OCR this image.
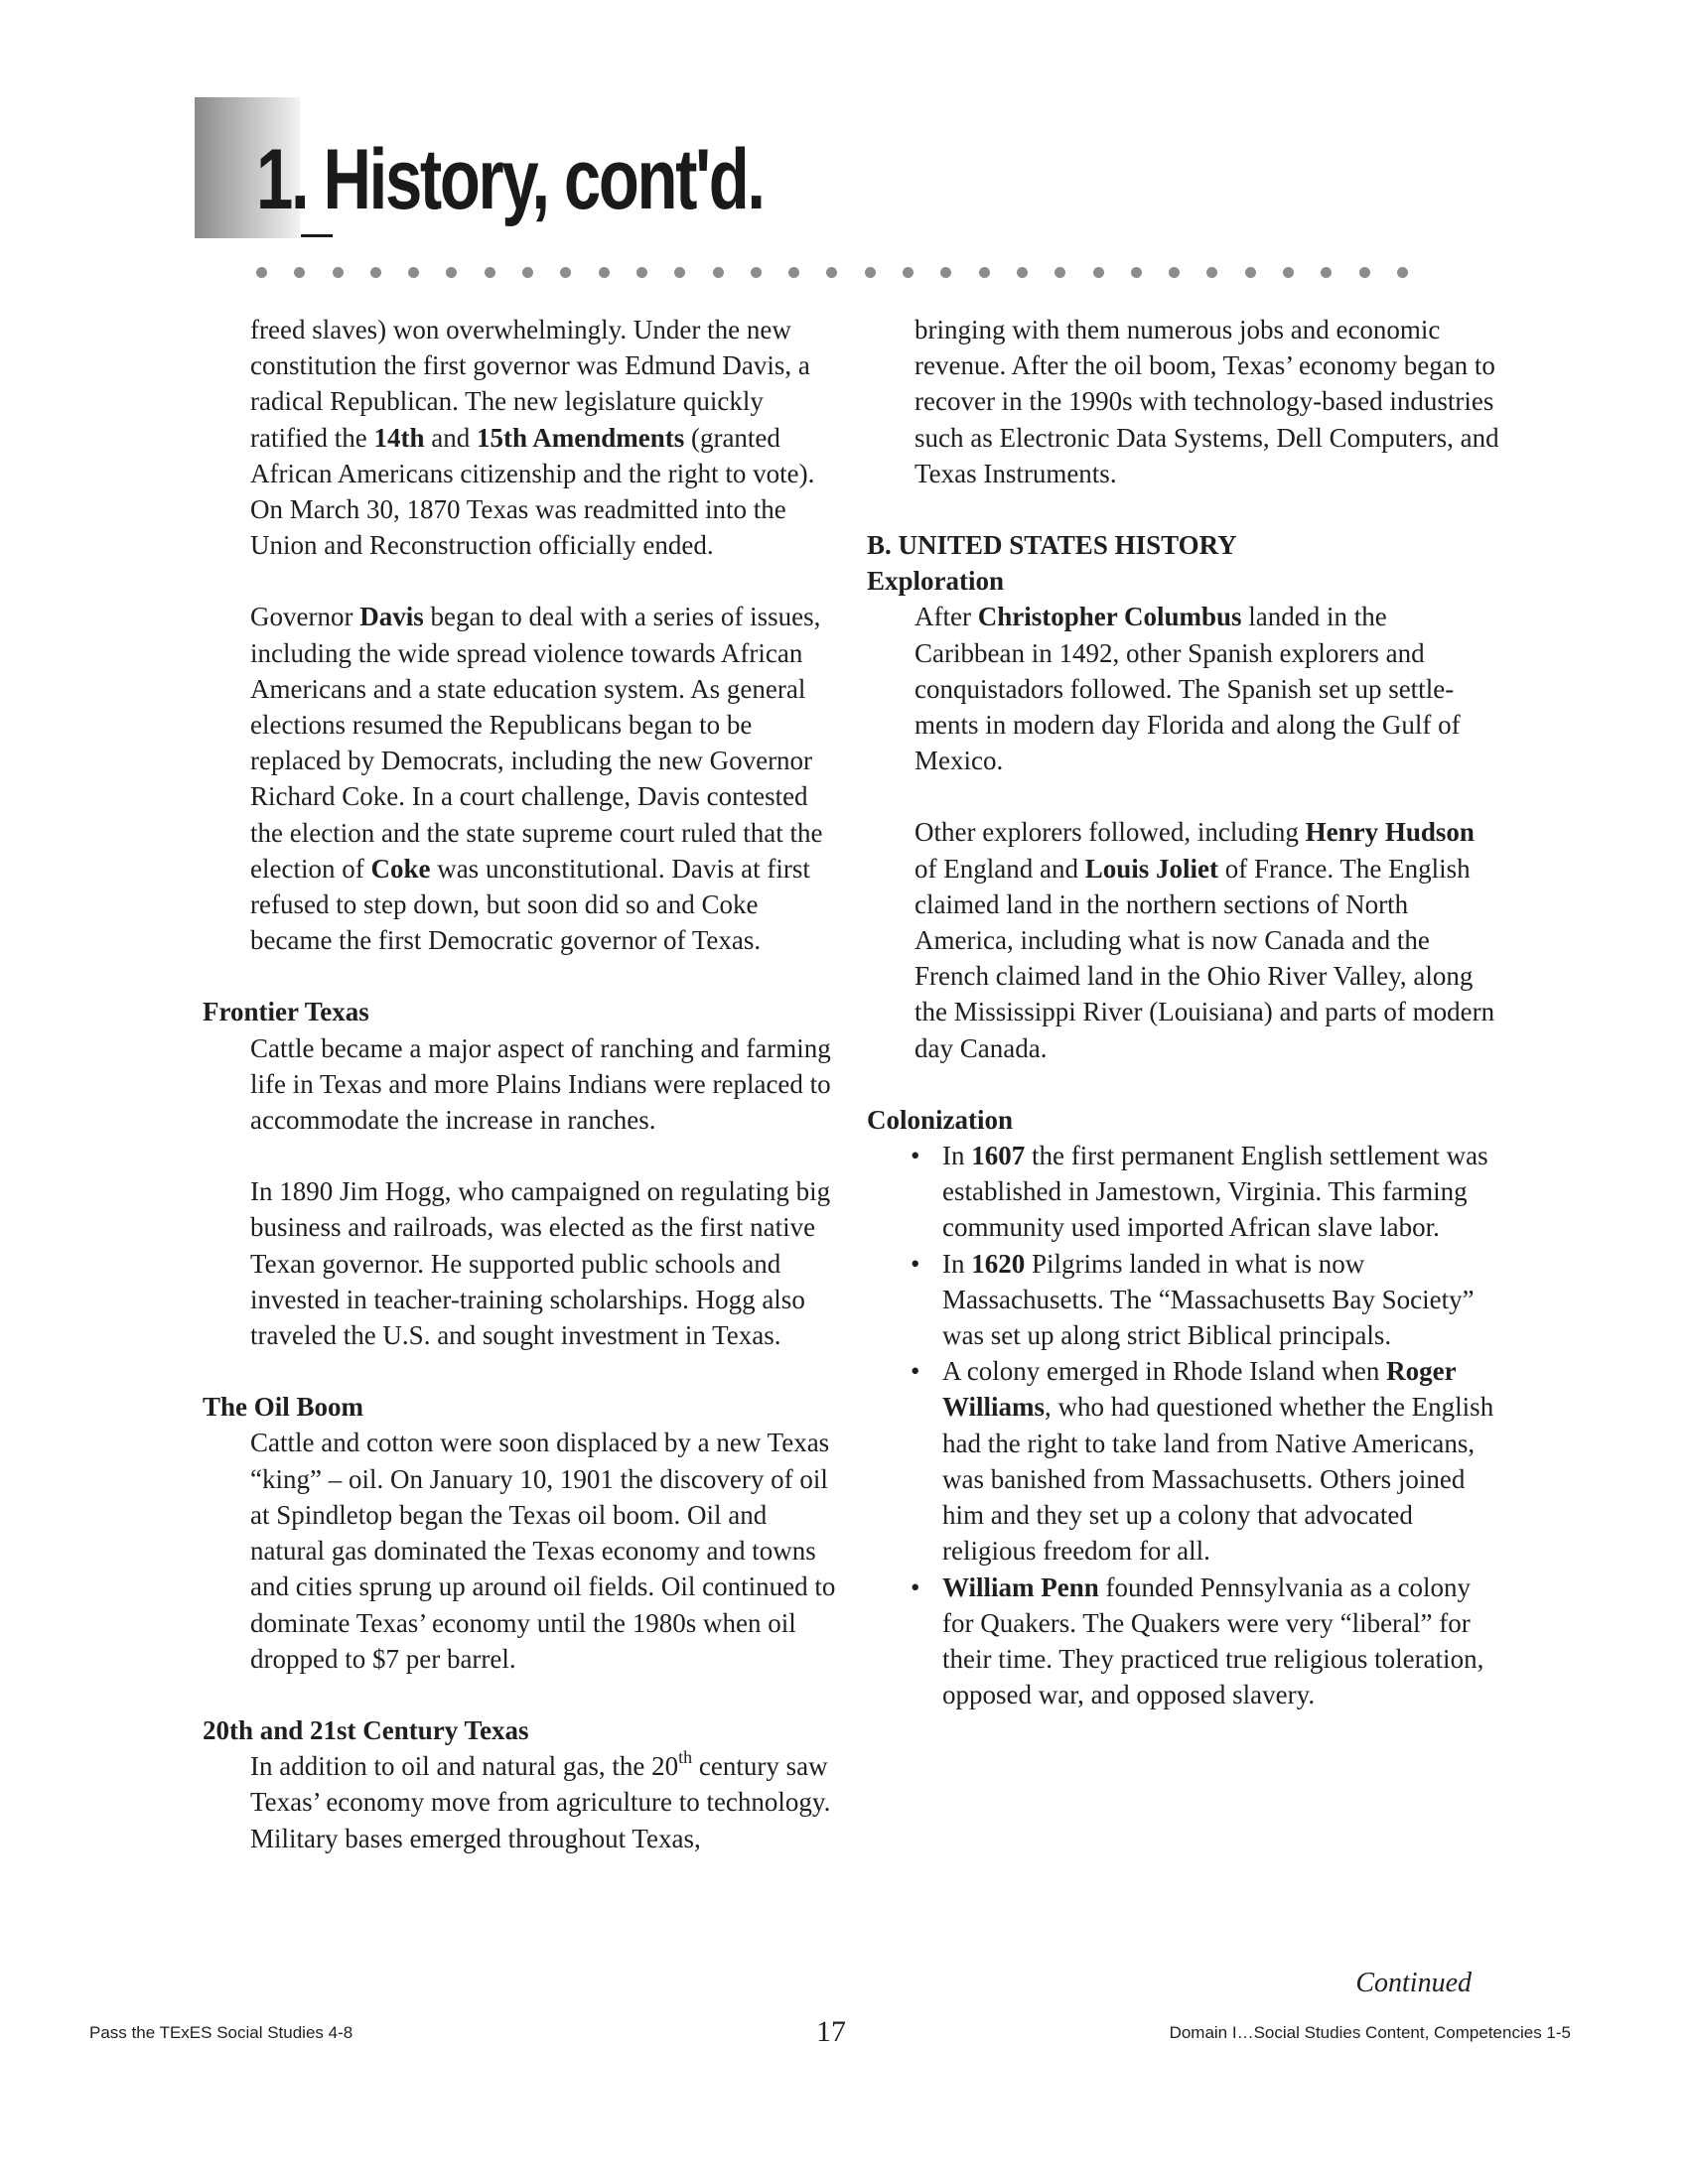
1. History, cont'd.

freed slaves) won overwhelmingly. Under the new constitution the first governor was Edmund Davis, a radical Republican. The new legislature quickly ratified the 14th and 15th Amendments (granted African Americans citizenship and the right to vote). On March 30, 1870 Texas was readmitted into the Union and Reconstruction officially ended.

Governor Davis began to deal with a series of issues, including the wide spread violence towards African Americans and a state education system. As general elections resumed the Republicans began to be replaced by Democrats, including the new Governor Richard Coke. In a court challenge, Davis contested the election and the state supreme court ruled that the election of Coke was unconstitutional. Davis at first refused to step down, but soon did so and Coke became the first Democratic governor of Texas.

Frontier Texas

Cattle became a major aspect of ranching and farming life in Texas and more Plains Indians were replaced to accommodate the increase in ranches.

In 1890 Jim Hogg, who campaigned on regulating big business and railroads, was elected as the first native Texan governor. He supported public schools and invested in teacher-training scholarships. Hogg also traveled the U.S. and sought investment in Texas.

The Oil Boom

Cattle and cotton were soon displaced by a new Texas “king” – oil. On January 10, 1901 the discovery of oil at Spindletop began the Texas oil boom. Oil and natural gas dominated the Texas economy and towns and cities sprung up around oil fields. Oil continued to dominate Texas’ economy until the 1980s when oil dropped to $7 per barrel.

20th and 21st Century Texas

In addition to oil and natural gas, the 20th century saw Texas’ economy move from agriculture to technology. Military bases emerged throughout Texas,

bringing with them numerous jobs and economic revenue. After the oil boom, Texas’ economy began to recover in the 1990s with technology-based industries such as Electronic Data Systems, Dell Computers, and Texas Instruments.

B. UNITED STATES HISTORY

Exploration

After Christopher Columbus landed in the Caribbean in 1492, other Spanish explorers and conquistadors followed. The Spanish set up settlements in modern day Florida and along the Gulf of Mexico.

Other explorers followed, including Henry Hudson of England and Louis Joliet of France. The English claimed land in the northern sections of North America, including what is now Canada and the French claimed land in the Ohio River Valley, along the Mississippi River (Louisiana) and parts of modern day Canada.

Colonization

• In 1607 the first permanent English settlement was established in Jamestown, Virginia. This farming community used imported African slave labor.
• In 1620 Pilgrims landed in what is now Massachusetts. The “Massachusetts Bay Society” was set up along strict Biblical principals.
• A colony emerged in Rhode Island when Roger Williams, who had questioned whether the English had the right to take land from Native Americans, was banished from Massachusetts. Others joined him and they set up a colony that advocated religious freedom for all.
• William Penn founded Pennsylvania as a colony for Quakers. The Quakers were very “liberal” for their time. They practiced true religious toleration, opposed war, and opposed slavery.
Continued
Pass the TExES Social Studies 4-8	17	Domain I…Social Studies Content, Competencies 1-5
